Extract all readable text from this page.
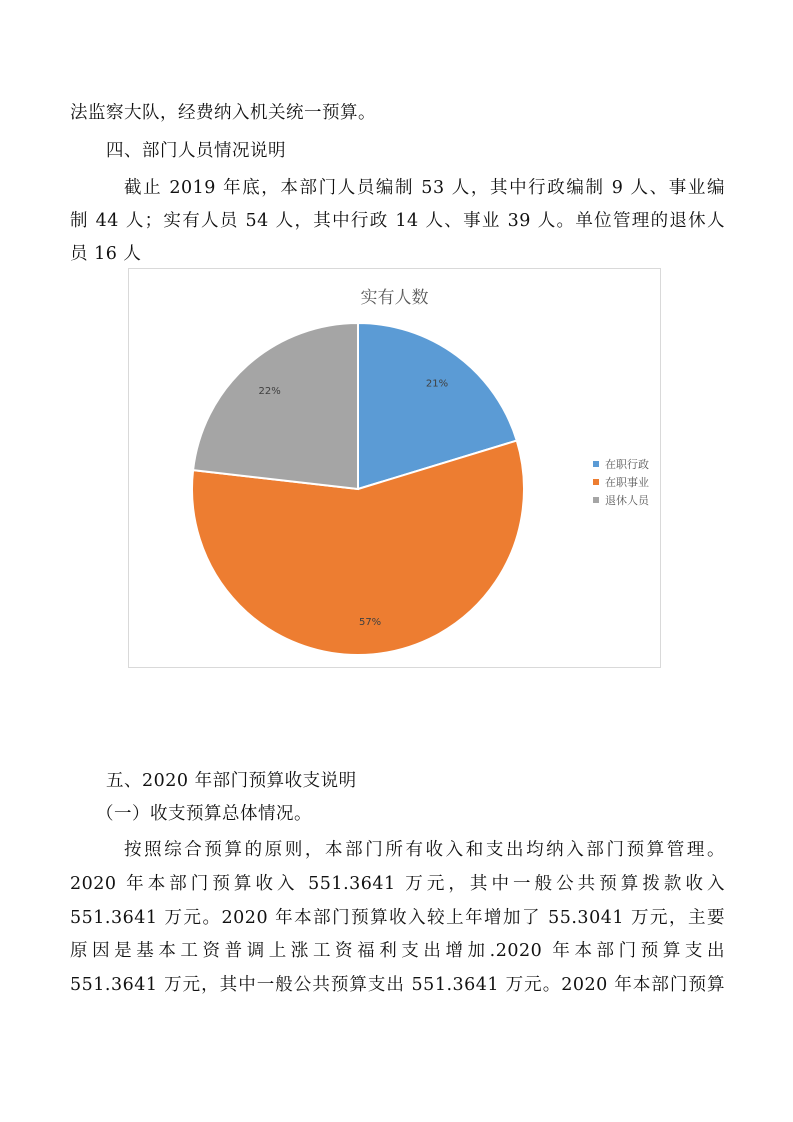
法监察大队，经费纳入机关统一预算。
四、部门人员情况说明
截止 2019 年底，本部门人员编制 53 人，其中行政编制 9 人、事业编
制 44 人；实有人员 54 人，其中行政 14 人、事业 39 人。单位管理的退休人
员 16 人
实有人数
21%
57%
22%
在职行政
在职事业
退休人员
五、2020 年部门预算收支说明
（一）收支预算总体情况。
按照综合预算的原则，本部门所有收入和支出均纳入部门预算管理。
2020 年本部门预算收入 551.3641 万元，其中一般公共预算拨款收入
551.3641 万元。2020 年本部门预算收入较上年增加了 55.3041 万元，主要
原因是基本工资普调上涨工资福利支出增加.2020 年本部门预算支出
551.3641 万元，其中一般公共预算支出 551.3641 万元。2020 年本部门预算
